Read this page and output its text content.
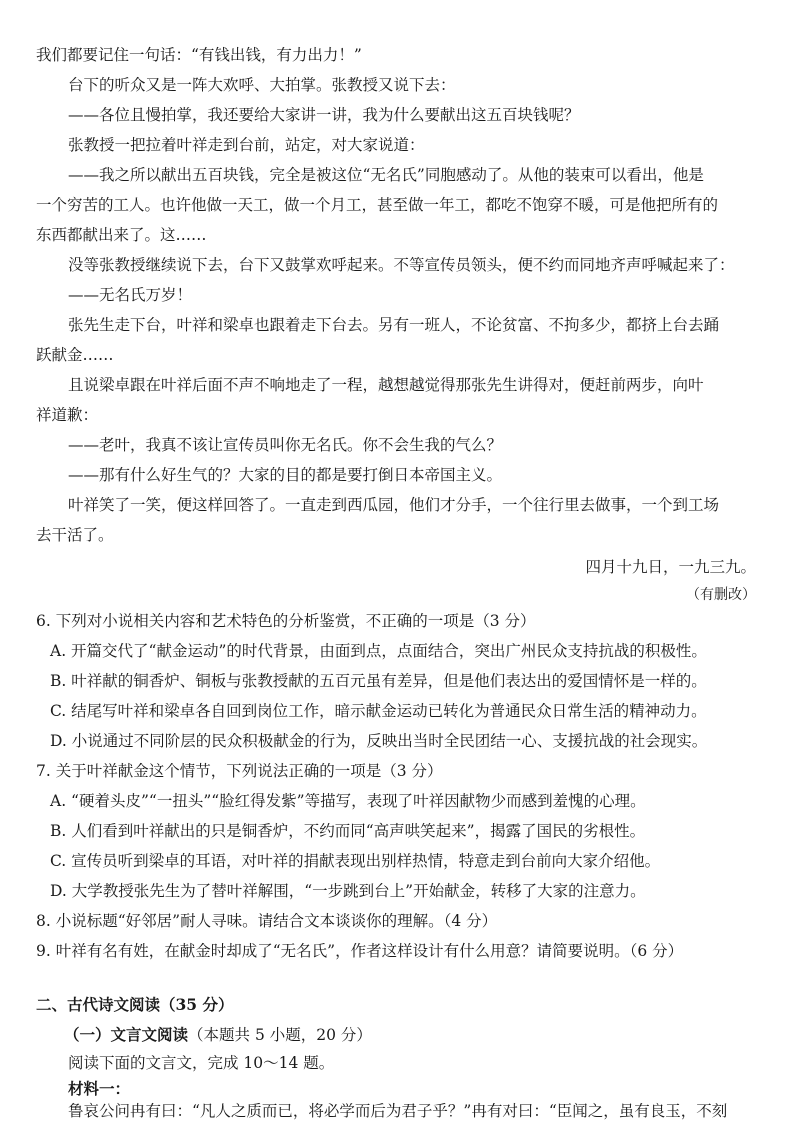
我们都要记住一句话：“有钱出钱，有力出力！”
台下的听众又是一阵大欢呼、大拍掌。张教授又说下去：
——各位且慢拍掌，我还要给大家讲一讲，我为什么要献出这五百块钱呢？
张教授一把拉着叶祥走到台前，站定，对大家说道：
——我之所以献出五百块钱，完全是被这位“无名氏”同胞感动了。从他的装束可以看出，他是
一个穷苦的工人。也许他做一天工，做一个月工，甚至做一年工，都吃不饱穿不暖，可是他把所有的
东西都献出来了。这……
没等张教授继续说下去，台下又鼓掌欢呼起来。不等宣传员领头，便不约而同地齐声呼喊起来了：
——无名氏万岁！
张先生走下台，叶祥和梁卓也跟着走下台去。另有一班人，不论贫富、不拘多少，都挤上台去踊
跃献金……
且说梁卓跟在叶祥后面不声不响地走了一程，越想越觉得那张先生讲得对，便赶前两步，向叶
祥道歉：
——老叶，我真不该让宣传员叫你无名氏。你不会生我的气么？
——那有什么好生气的？大家的目的都是要打倒日本帝国主义。
叶祥笑了一笑，便这样回答了。一直走到西瓜园，他们才分手，一个往行里去做事，一个到工场
去干活了。
四月十九日，一九三九。
（有删改）
6. 下列对小说相关内容和艺术特色的分析鉴赏，不正确的一项是（3 分）
A. 开篇交代了“献金运动”的时代背景，由面到点，点面结合，突出广州民众支持抗战的积极性。
B. 叶祥献的铜香炉、铜板与张教授献的五百元虽有差异，但是他们表达出的爱国情怀是一样的。
C. 结尾写叶祥和梁卓各自回到岗位工作，暗示献金运动已转化为普通民众日常生活的精神动力。
D. 小说通过不同阶层的民众积极献金的行为，反映出当时全民团结一心、支援抗战的社会现实。
7. 关于叶祥献金这个情节，下列说法正确的一项是（3 分）
A. “硬着头皮”“一扭头”“脸红得发紫”等描写，表现了叶祥因献物少而感到羞愧的心理。
B. 人们看到叶祥献出的只是铜香炉，不约而同“高声哄笑起来”，揭露了国民的劣根性。
C. 宣传员听到梁卓的耳语，对叶祥的捐献表现出别样热情，特意走到台前向大家介绍他。
D. 大学教授张先生为了替叶祥解围，“一步跳到台上”开始献金，转移了大家的注意力。
8. 小说标题“好邻居”耐人寻味。请结合文本谈谈你的理解。（4 分）
9. 叶祥有名有姓，在献金时却成了“无名氏”，作者这样设计有什么用意？请简要说明。（6 分）
二、古代诗文阅读（35 分）
（一）文言文阅读（本题共 5 小题，20 分）
阅读下面的文言文，完成 10～14 题。
材料一：
鲁哀公问冉有曰：“凡人之质而已，将必学而后为君子乎？”冉有对曰：“臣闻之，虽有良玉，不刻
